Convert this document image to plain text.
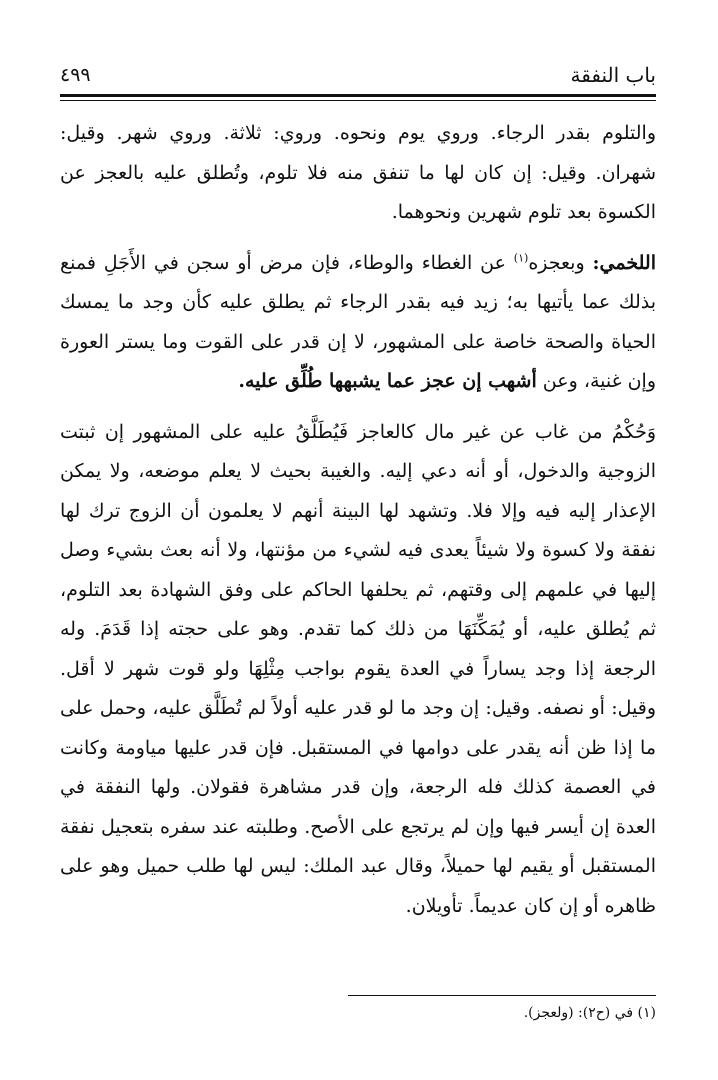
باب النفقة
٤٩٩

والتلوم بقدر الرجاء. وروي يوم ونحوه. وروي: ثلاثة. وروي شهر. وقيل: شهران. وقيل: إن كان لها ما تنفق منه فلا تلوم، وتُطلق عليه بالعجز عن الكسوة بعد تلوم شهرين ونحوهما.

اللخمي: وبعجزه$^{(١)}$ عن الغطاء والوطاء، فإن مرض أو سجن في الأَجَلِ فمنع بذلك عما يأتيها به؛ زيد فيه بقدر الرجاء ثم يطلق عليه كأن وجد ما يمسك الحياة والصحة خاصة على المشهور، لا إن قدر على القوت وما يستر العورة وإن غنية، وعن أشهب إن عجز عما يشبهها طُلِّق عليه.

وَحُكْمُ من غاب عن غير مال كالعاجز فَيُطَلَّقُ عليه على المشهور إن ثبتت الزوجية والدخول، أو أنه دعي إليه. والغيبة بحيث لا يعلم موضعه، ولا يمكن الإعذار إليه فيه وإلا فلا. وتشهد لها البينة أنهم لا يعلمون أن الزوج ترك لها نفقة ولا كسوة ولا شيئاً يعدى فيه لشيء من مؤنتها، ولا أنه بعث بشيء وصل إليها في علمهم إلى وقتهم، ثم يحلفها الحاكم على وفق الشهادة بعد التلوم، ثم يُطلق عليه، أو يُمَكِّنَهَا من ذلك كما تقدم. وهو على حجته إذا قَدَمَ. وله الرجعة إذا وجد يساراً في العدة يقوم بواجب مِثْلِهَا ولو قوت شهر لا أقل. وقيل: أو نصفه. وقيل: إن وجد ما لو قدر عليه أولاً لم تُطَلَّق عليه، وحمل على ما إذا ظن أنه يقدر على دوامها في المستقبل. فإن قدر عليها مياومة وكانت في العصمة كذلك فله الرجعة، وإن قدر مشاهرة فقولان. ولها النفقة في العدة إن أيسر فيها وإن لم يرتجع على الأصح. وطلبته عند سفره بتعجيل نفقة المستقبل أو يقيم لها حميلاً، وقال عبد الملك: ليس لها طلب حميل وهو على ظاهره أو إن كان عديماً. تأويلان.

(١) في (ح٢): (ولعجز).
